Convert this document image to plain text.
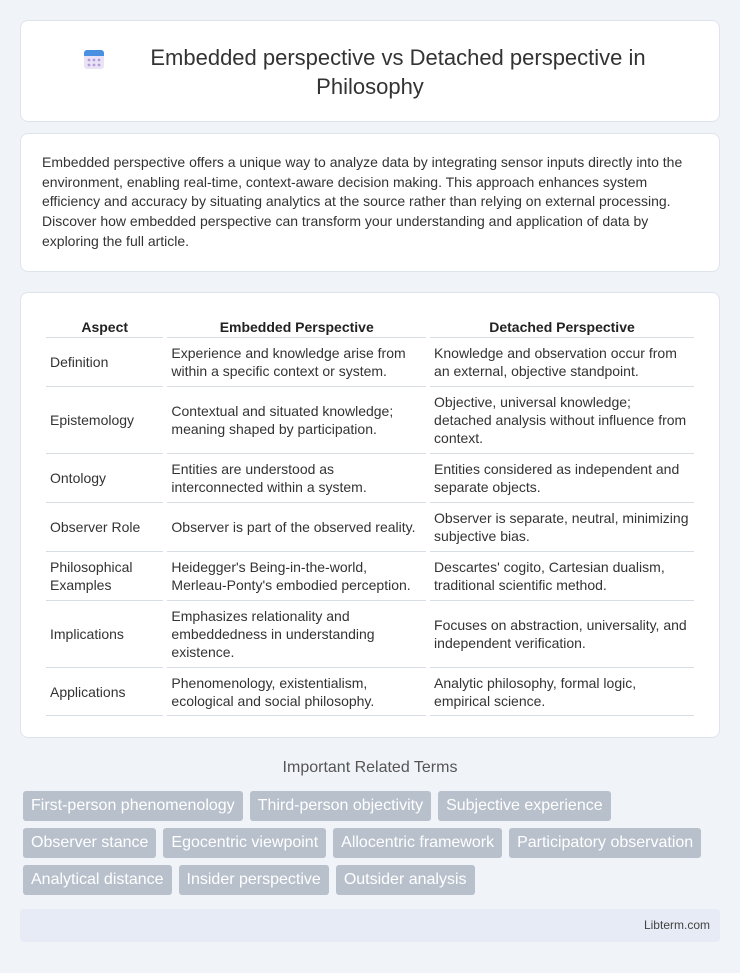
Embedded perspective vs Detached perspective in
Philosophy

Embedded perspective offers a unique way to analyze data by integrating sensor inputs directly into the environment, enabling real-time, context-aware decision making. This approach enhances system efficiency and accuracy by situating analytics at the source rather than relying on external processing. Discover how embedded perspective can transform your understanding and application of data by exploring the full article.

Aspect	Embedded Perspective	Detached Perspective
Definition	Experience and knowledge arise from within a specific context or system.	Knowledge and observation occur from an external, objective standpoint.
Epistemology	Contextual and situated knowledge; meaning shaped by participation.	Objective, universal knowledge; detached analysis without influence from context.
Ontology	Entities are understood as interconnected within a system.	Entities considered as independent and separate objects.
Observer Role	Observer is part of the observed reality.	Observer is separate, neutral, minimizing subjective bias.
Philosophical Examples	Heidegger's Being-in-the-world, Merleau-Ponty's embodied perception.	Descartes' cogito, Cartesian dualism, traditional scientific method.
Implications	Emphasizes relationality and embeddedness in understanding existence.	Focuses on abstraction, universality, and independent verification.
Applications	Phenomenology, existentialism, ecological and social philosophy.	Analytic philosophy, formal logic, empirical science.
Important Related Terms
First-person phenomenology	Third-person objectivity	Subjective experience
Observer stance	Egocentric viewpoint	Allocentric framework	Participatory observation
Analytical distance	Insider perspective	Outsider analysis
Libterm.com
